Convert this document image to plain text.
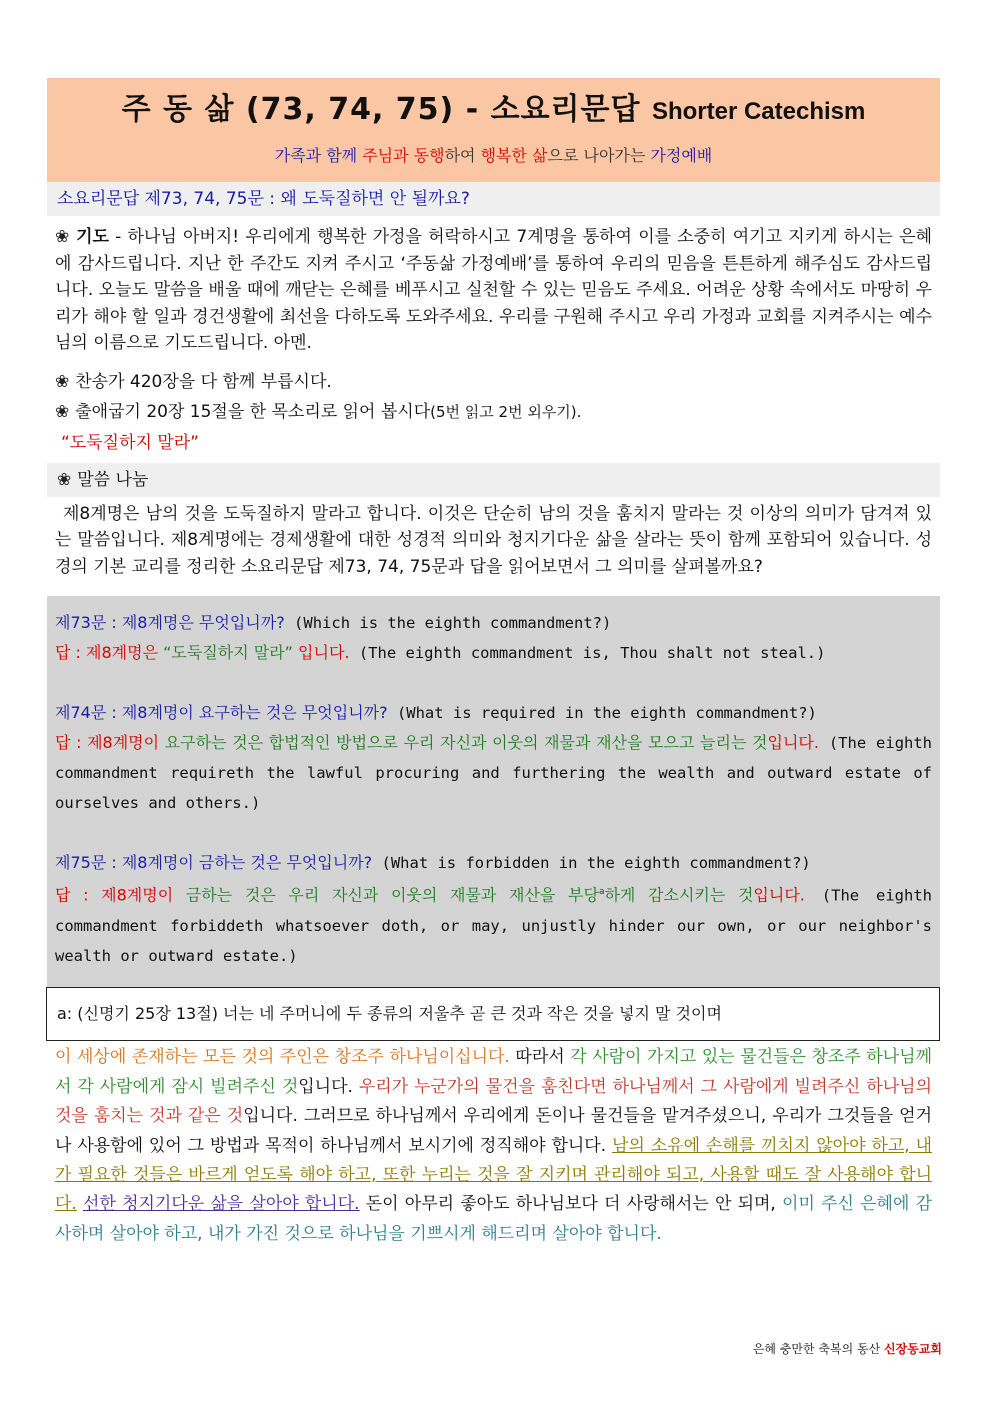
주 동 삶 (73, 74, 75) - 소요리문답 Shorter Catechism
가족과 함께 주님과 동행하여 행복한 삶으로 나아가는 가정예배
소요리문답 제73, 74, 75문 : 왜 도둑질하면 안 될까요?
❀ 기도 - 하나님 아버지! 우리에게 행복한 가정을 허락하시고 7계명을 통하여 이를 소중히 여기고 지키게 하시는 은혜에 감사드립니다. 지난 한 주간도 지켜 주시고 ‘주동삶 가정예배’를 통하여 우리의 믿음을 튼튼하게 해주심도 감사드립니다. 오늘도 말씀을 배울 때에 깨닫는 은혜를 베푸시고 실천할 수 있는 믿음도 주세요. 어려운 상황 속에서도 마땅히 우리가 해야 할 일과 경건생활에 최선을 다하도록 도와주세요. 우리를 구원해 주시고 우리 가정과 교회를 지켜주시는 예수님의 이름으로 기도드립니다. 아멘.
❀ 찬송가 420장을 다 함께 부릅시다.
❀ 출애굽기 20장 15절을 한 목소리로 읽어 봅시다(5번 읽고 2번 외우기).
“도둑질하지 말라”
❀ 말씀 나눔
제8계명은 남의 것을 도둑질하지 말라고 합니다. 이것은 단순히 남의 것을 훔치지 말라는 것 이상의 의미가 담겨져 있는 말씀입니다. 제8계명에는 경제생활에 대한 성경적 의미와 청지기다운 삶을 살라는 뜻이 함께 포함되어 있습니다. 성경의 기본 교리를 정리한 소요리문답 제73, 74, 75문과 답을 읽어보면서 그 의미를 살펴볼까요?
제73문 : 제8계명은 무엇입니까? (Which is the eighth commandment?)
답 : 제8계명은 “도둑질하지 말라” 입니다. (The eighth commandment is, Thou shalt not steal.)
제74문 : 제8계명이 요구하는 것은 무엇입니까? (What is required in the eighth commandment?)
답 : 제8계명이 요구하는 것은 합법적인 방법으로 우리 자신과 이웃의 재물과 재산을 모으고 늘리는 것입니다. (The eighth commandment requireth the lawful procuring and furthering the wealth and outward estate of ourselves and others.)
제75문 : 제8계명이 금하는 것은 무엇입니까? (What is forbidden in the eighth commandment?)
답 : 제8계명이 금하는 것은 우리 자신과 이웃의 재물과 재산을 부당$^a$하게 감소시키는 것입니다. (The eighth commandment forbiddeth whatsoever doth, or may, unjustly hinder our own, or our neighbor's wealth or outward estate.)
a: (신명기 25장 13절) 너는 네 주머니에 두 종류의 저울추 곧 큰 것과 작은 것을 넣지 말 것이며
이 세상에 존재하는 모든 것의 주인은 창조주 하나님이십니다. 따라서 각 사람이 가지고 있는 물건들은 창조주 하나님께서 각 사람에게 잠시 빌려주신 것입니다. 우리가 누군가의 물건을 훔친다면 하나님께서 그 사람에게 빌려주신 하나님의 것을 훔치는 것과 같은 것입니다. 그러므로 하나님께서 우리에게 돈이나 물건들을 맡겨주셨으니, 우리가 그것들을 얻거나 사용함에 있어 그 방법과 목적이 하나님께서 보시기에 정직해야 합니다. 남의 소유에 손해를 끼치지 않아야 하고, 내가 필요한 것들은 바르게 얻도록 해야 하고, 또한 누리는 것을 잘 지키며 관리해야 되고, 사용할 때도 잘 사용해야 합니다. 선한 청지기다운 삶을 살아야 합니다. 돈이 아무리 좋아도 하나님보다 더 사랑해서는 안 되며, 이미 주신 은혜에 감사하며 살아야 하고, 내가 가진 것으로 하나님을 기쁘시게 해드리며 살아야 합니다.
은혜 충만한 축복의 동산 신장동교회
